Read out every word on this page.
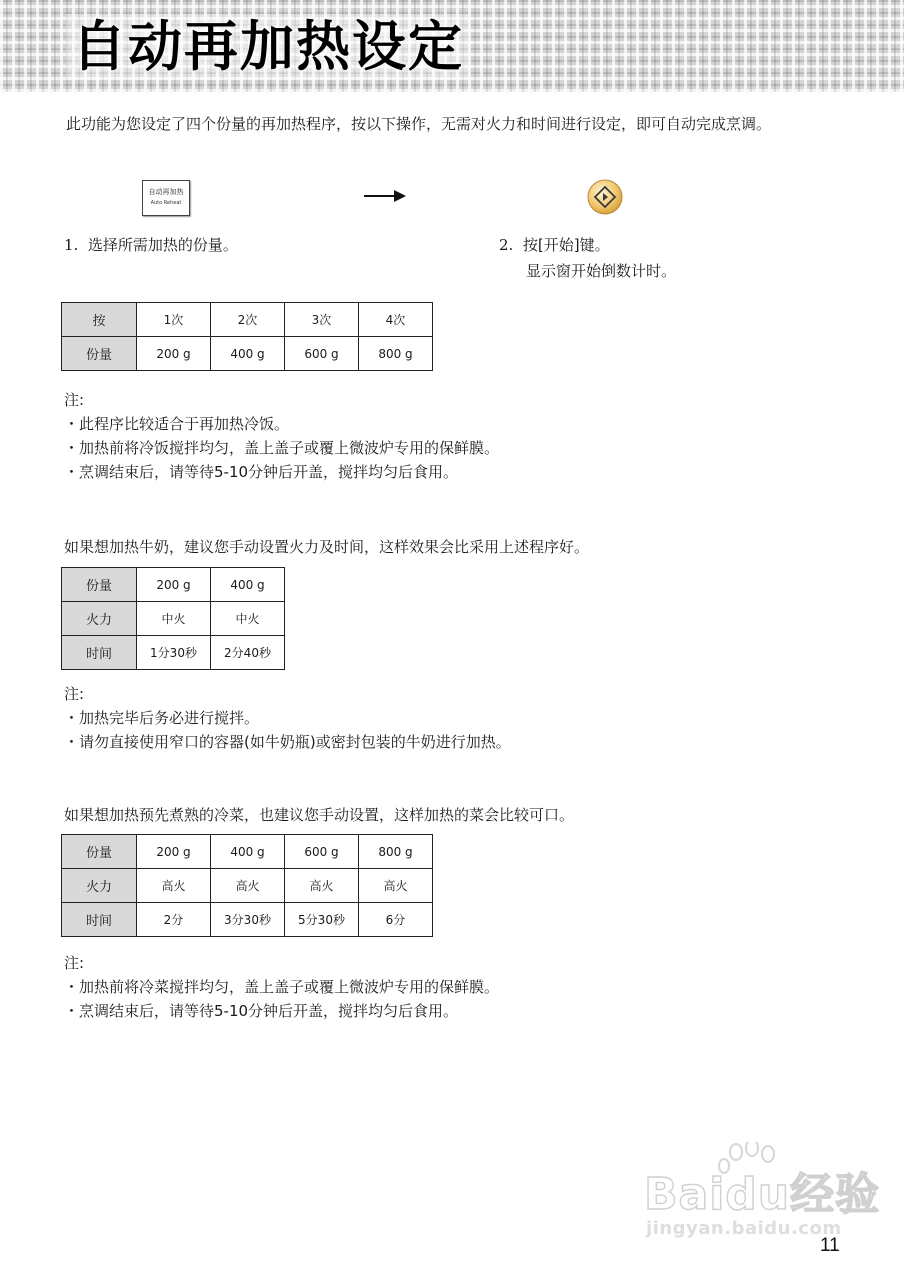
自动再加热设定

此功能为您设定了四个份量的再加热程序，按以下操作，无需对火力和时间进行设定，即可自动完成烹调。

自动再加热
Auto Reheat

1. 选择所需加热的份量。	2. 按[开始]键。

显示窗开始倒数计时。

按	1次	2次	3次	4次
份量	200 g	400 g	600 g	800 g

注:

・此程序比较适合于再加热冷饭。

・加热前将冷饭搅拌均匀，盖上盖子或覆上微波炉专用的保鲜膜。

・烹调结束后，请等待5-10分钟后开盖，搅拌均匀后食用。

如果想加热牛奶，建议您手动设置火力及时间，这样效果会比采用上述程序好。

份量	200 g	400 g
火力	中火	中火
时间	1分30秒	2分40秒

注:

・加热完毕后务必进行搅拌。

・请勿直接使用窄口的容器(如牛奶瓶)或密封包装的牛奶进行加热。

如果想加热预先煮熟的冷菜，也建议您手动设置，这样加热的菜会比较可口。

份量	200 g	400 g	600 g	800 g
火力	高火	高火	高火	高火
时间	2分	3分30秒	5分30秒	6分

注:

・加热前将冷菜搅拌均匀，盖上盖子或覆上微波炉专用的保鲜膜。

・烹调结束后，请等待5-10分钟后开盖，搅拌均匀后食用。

Baidu经验
jingyan.baidu.com
11
